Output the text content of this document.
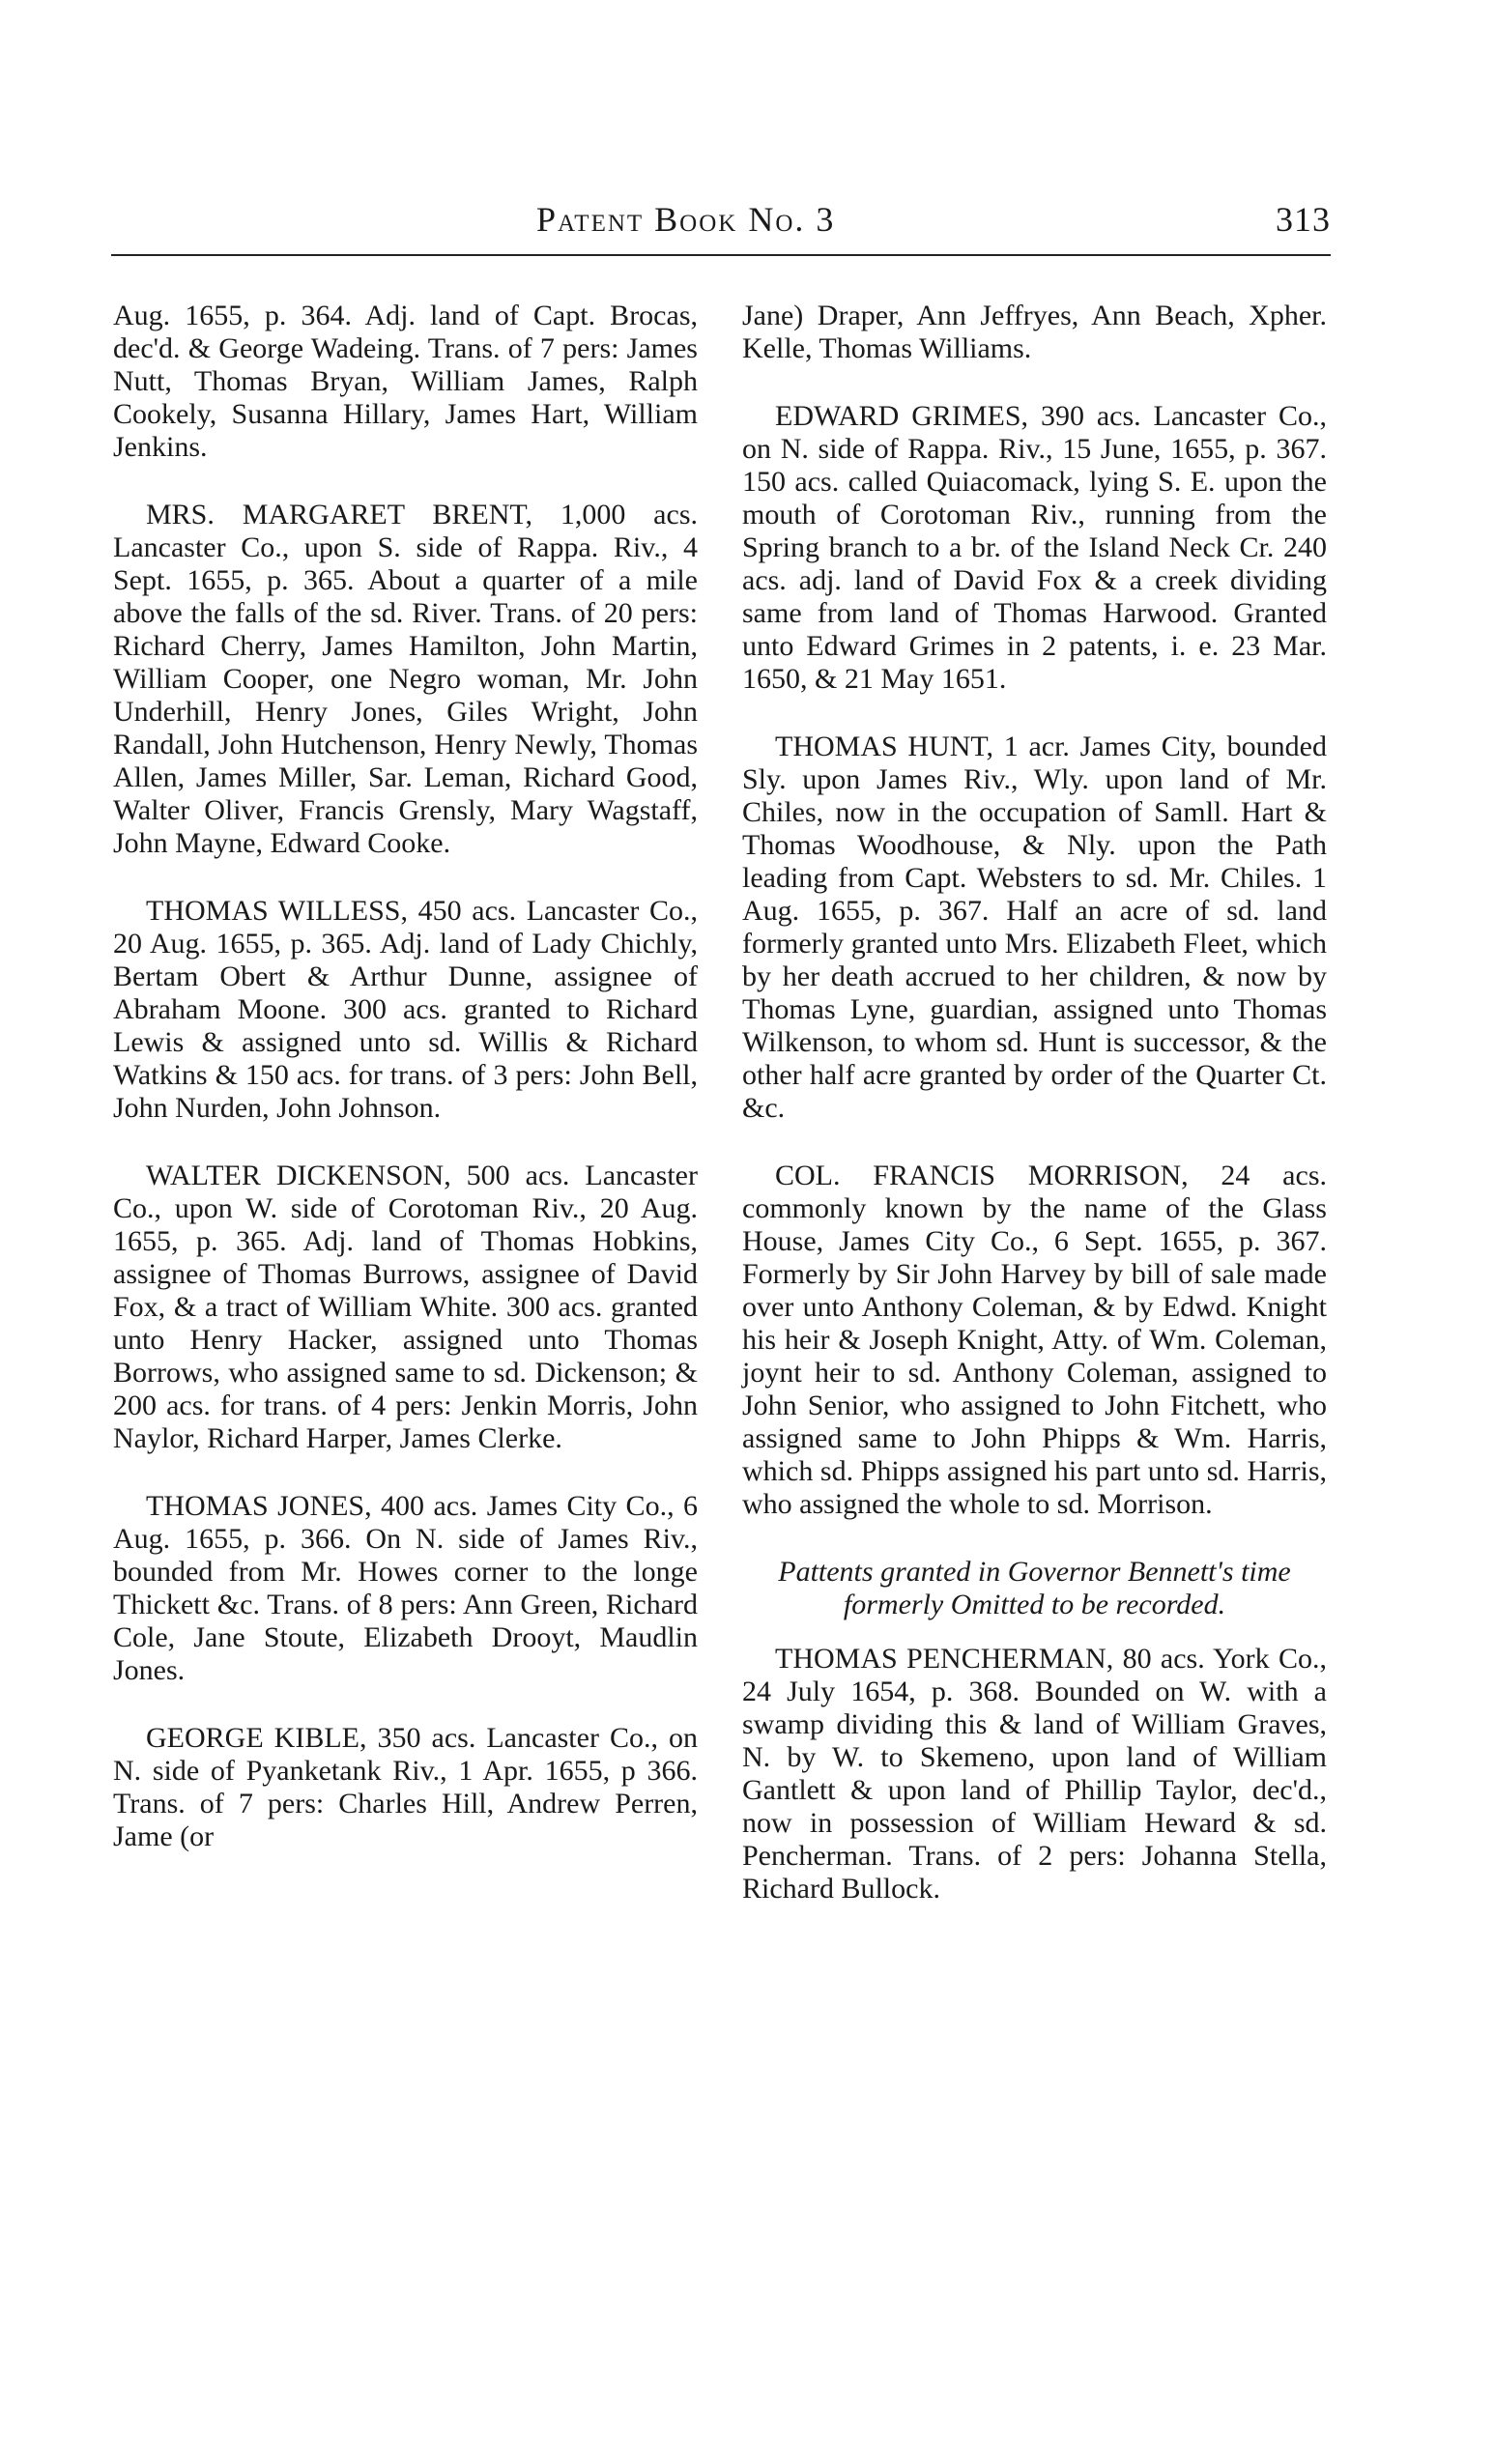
Patent Book No. 3	313

Aug. 1655, p. 364. Adj. land of Capt. Brocas, dec'd. & George Wadeing. Trans. of 7 pers: James Nutt, Thomas Bryan, William James, Ralph Cookely, Susanna Hillary, James Hart, William Jenkins.

MRS. MARGARET BRENT, 1,000 acs. Lancaster Co., upon S. side of Rappa. Riv., 4 Sept. 1655, p. 365. About a quarter of a mile above the falls of the sd. River. Trans. of 20 pers: Richard Cherry, James Hamilton, John Martin, William Cooper, one Negro woman, Mr. John Underhill, Henry Jones, Giles Wright, John Randall, John Hutchenson, Henry Newly, Thomas Allen, James Miller, Sar. Leman, Richard Good, Walter Oliver, Francis Grensly, Mary Wagstaff, John Mayne, Edward Cooke.

THOMAS WILLESS, 450 acs. Lancaster Co., 20 Aug. 1655, p. 365. Adj. land of Lady Chichly, Bertam Obert & Arthur Dunne, assignee of Abraham Moone. 300 acs. granted to Richard Lewis & assigned unto sd. Willis & Richard Watkins & 150 acs. for trans. of 3 pers: John Bell, John Nurden, John Johnson.

WALTER DICKENSON, 500 acs. Lancaster Co., upon W. side of Corotoman Riv., 20 Aug. 1655, p. 365. Adj. land of Thomas Hobkins, assignee of Thomas Burrows, assignee of David Fox, & a tract of William White. 300 acs. granted unto Henry Hacker, assigned unto Thomas Borrows, who assigned same to sd. Dickenson; & 200 acs. for trans. of 4 pers: Jenkin Morris, John Naylor, Richard Harper, James Clerke.

THOMAS JONES, 400 acs. James City Co., 6 Aug. 1655, p. 366. On N. side of James Riv., bounded from Mr. Howes corner to the longe Thickett &c. Trans. of 8 pers: Ann Green, Richard Cole, Jane Stoute, Elizabeth Drooyt, Maudlin Jones.

GEORGE KIBLE, 350 acs. Lancaster Co., on N. side of Pyanketank Riv., 1 Apr. 1655, p 366. Trans. of 7 pers: Charles Hill, Andrew Perren, Jame (or

Jane) Draper, Ann Jeffryes, Ann Beach, Xpher. Kelle, Thomas Williams.

EDWARD GRIMES, 390 acs. Lancaster Co., on N. side of Rappa. Riv., 15 June, 1655, p. 367. 150 acs. called Quiacomack, lying S. E. upon the mouth of Corotoman Riv., running from the Spring branch to a br. of the Island Neck Cr. 240 acs. adj. land of David Fox & a creek dividing same from land of Thomas Harwood. Granted unto Edward Grimes in 2 patents, i. e. 23 Mar. 1650, & 21 May 1651.

THOMAS HUNT, 1 acr. James City, bounded Sly. upon James Riv., Wly. upon land of Mr. Chiles, now in the occupation of Samll. Hart & Thomas Woodhouse, & Nly. upon the Path leading from Capt. Websters to sd. Mr. Chiles. 1 Aug. 1655, p. 367. Half an acre of sd. land formerly granted unto Mrs. Elizabeth Fleet, which by her death accrued to her children, & now by Thomas Lyne, guardian, assigned unto Thomas Wilkenson, to whom sd. Hunt is successor, & the other half acre granted by order of the Quarter Ct. &c.

COL. FRANCIS MORRISON, 24 acs. commonly known by the name of the Glass House, James City Co., 6 Sept. 1655, p. 367. Formerly by Sir John Harvey by bill of sale made over unto Anthony Coleman, & by Edwd. Knight his heir & Joseph Knight, Atty. of Wm. Coleman, joynt heir to sd. Anthony Coleman, assigned to John Senior, who assigned to John Fitchett, who assigned same to John Phipps & Wm. Harris, which sd. Phipps assigned his part unto sd. Harris, who assigned the whole to sd. Morrison.

Pattents granted in Governor Bennett's time formerly Omitted to be recorded.

THOMAS PENCHERMAN, 80 acs. York Co., 24 July 1654, p. 368. Bounded on W. with a swamp dividing this & land of William Graves, N. by W. to Skemeno, upon land of William Gantlett & upon land of Phillip Taylor, dec'd., now in possession of William Heward & sd. Pencherman. Trans. of 2 pers: Johanna Stella, Richard Bullock.
